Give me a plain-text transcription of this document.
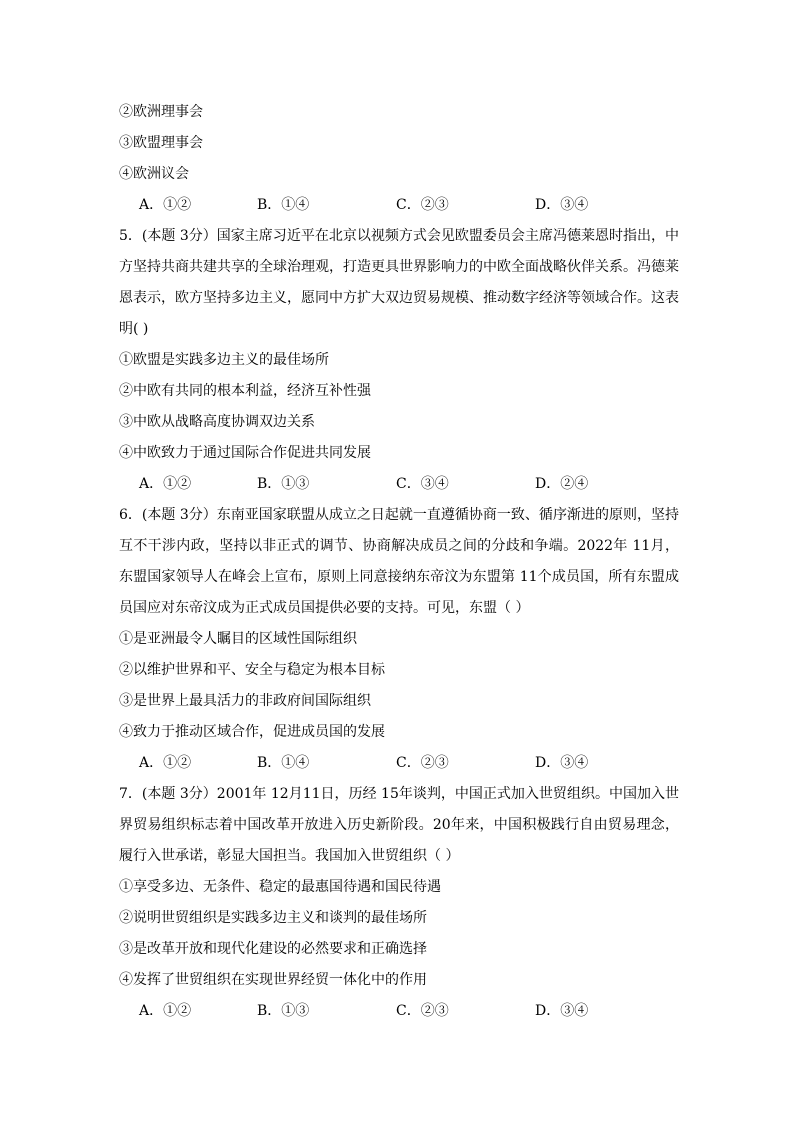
②欧洲理事会
③欧盟理事会
④欧洲议会
A．①②	B．①④	C．②③	D．③④
5．(本题 3分）国家主席习近平在北京以视频方式会见欧盟委员会主席冯德莱恩时指出，中方坚持共商共建共享的全球治理观，打造更具世界影响力的中欧全面战略伙伴关系。冯德莱恩表示，欧方坚持多边主义，愿同中方扩大双边贸易规模、推动数字经济等领域合作。这表明( )
①欧盟是实践多边主义的最佳场所
②中欧有共同的根本利益，经济互补性强
③中欧从战略高度协调双边关系
④中欧致力于通过国际合作促进共同发展
A．①②	B．①③	C．③④	D．②④
6．(本题 3分）东南亚国家联盟从成立之日起就一直遵循协商一致、循序渐进的原则，坚持互不干涉内政，坚持以非正式的调节、协商解决成员之间的分歧和争端。2022年 11月，东盟国家领导人在峰会上宣布，原则上同意接纳东帝汶为东盟第 11个成员国，所有东盟成员国应对东帝汶成为正式成员国提供必要的支持。可见，东盟（ ）
①是亚洲最令人瞩目的区域性国际组织
②以维护世界和平、安全与稳定为根本目标
③是世界上最具活力的非政府间国际组织
④致力于推动区域合作，促进成员国的发展
A．①②	B．①④	C．②③	D．③④
7．(本题 3分）2001年 12月11日，历经 15年谈判，中国正式加入世贸组织。中国加入世界贸易组织标志着中国改革开放进入历史新阶段。20年来，中国积极践行自由贸易理念，履行入世承诺，彰显大国担当。我国加入世贸组织（ ）
①享受多边、无条件、稳定的最惠国待遇和国民待遇
②说明世贸组织是实践多边主义和谈判的最佳场所
③是改革开放和现代化建设的必然要求和正确选择
④发挥了世贸组织在实现世界经贸一体化中的作用
A．①②	B．①③	C．②③	D．③④
